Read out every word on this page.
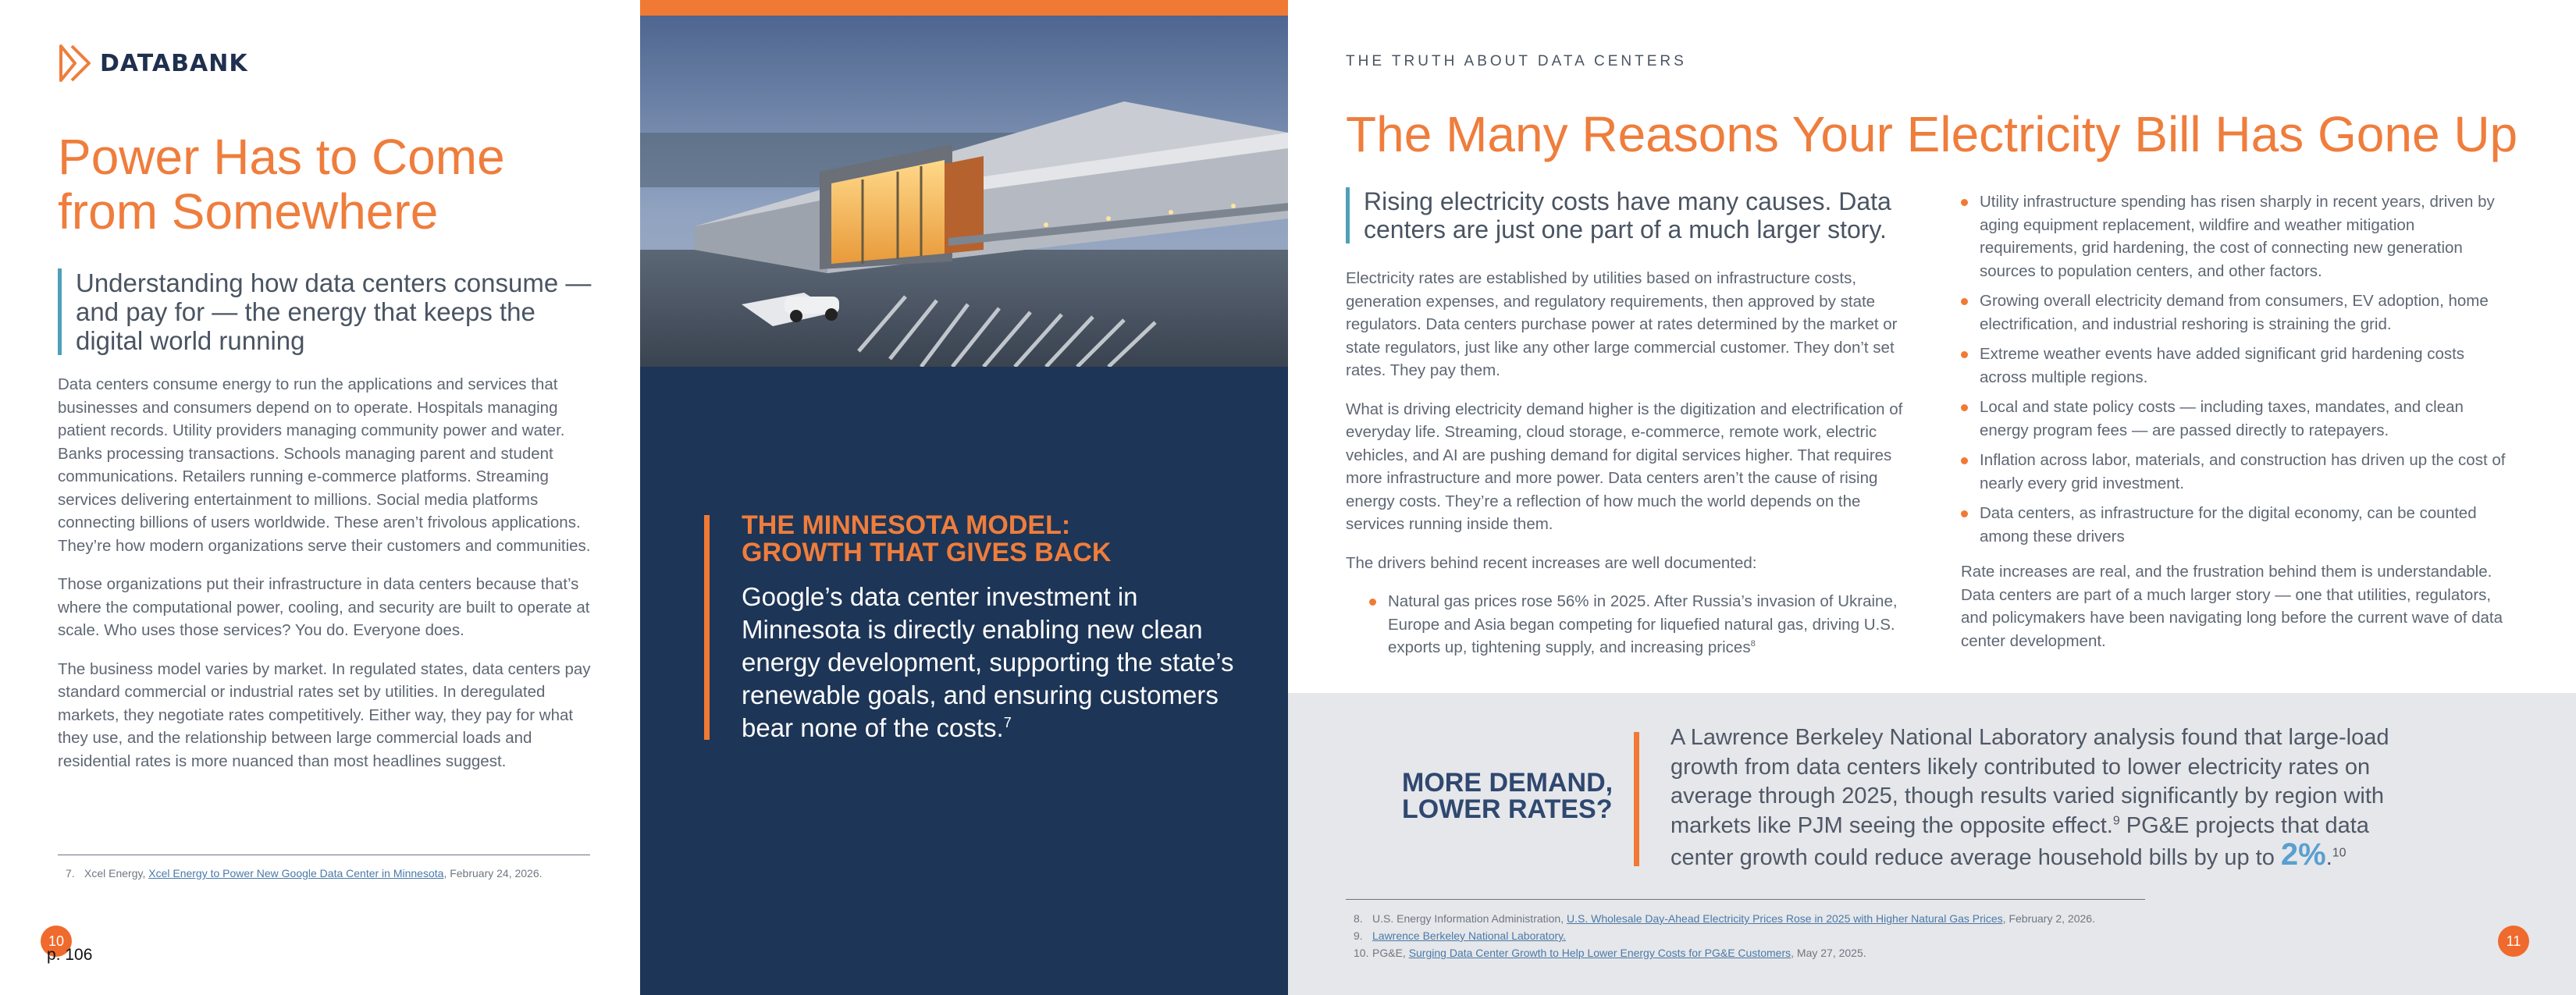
DATABANK
Power Has to Come from Somewhere
Understanding how data centers consume — and pay for — the energy that keeps the digital world running

Data centers consume energy to run the applications and services that businesses and consumers depend on to operate. Hospitals managing patient records. Utility providers managing community power and water. Banks processing transactions. Schools managing parent and student communications. Retailers running e-commerce platforms. Streaming services delivering entertainment to millions. Social media platforms connecting billions of users worldwide. These aren’t frivolous applications. They’re how modern organizations serve their customers and communities.

Those organizations put their infrastructure in data centers because that’s where the computational power, cooling, and security are built to operate at scale. Who uses those services? You do. Everyone does.

The business model varies by market. In regulated states, data centers pay standard commercial or industrial rates set by utilities. In deregulated markets, they negotiate rates competitively. Either way, they pay for what they use, and the relationship between large commercial loads and residential rates is more nuanced than most headlines suggest.

7. Xcel Energy, Xcel Energy to Power New Google Data Center in Minnesota, February 24, 2026.
10
p. 106
THE MINNESOTA MODEL:
GROWTH THAT GIVES BACK
Google’s data center investment in Minnesota is directly enabling new clean energy development, supporting the state’s renewable goals, and ensuring customers bear none of the costs.$^7$
THE TRUTH ABOUT DATA CENTERS
The Many Reasons Your Electricity Bill Has Gone Up
Rising electricity costs have many causes. Data centers are just one part of a much larger story.

Electricity rates are established by utilities based on infrastructure costs, generation expenses, and regulatory requirements, then approved by state regulators. Data centers purchase power at rates determined by the market or state regulators, just like any other large commercial customer. They don’t set rates. They pay them.

What is driving electricity demand higher is the digitization and electrification of everyday life. Streaming, cloud storage, e-commerce, remote work, electric vehicles, and AI are pushing demand for digital services higher. That requires more infrastructure and more power. Data centers aren’t the cause of rising energy costs. They’re a reflection of how much the world depends on the services running inside them.

The drivers behind recent increases are well documented:

Natural gas prices rose 56% in 2025. After Russia’s invasion of Ukraine, Europe and Asia began competing for liquefied natural gas, driving U.S. exports up, tightening supply, and increasing prices$^8$
Utility infrastructure spending has risen sharply in recent years, driven by aging equipment replacement, wildfire and weather mitigation requirements, grid hardening, the cost of connecting new generation sources to population centers, and other factors.
Growing overall electricity demand from consumers, EV adoption, home electrification, and industrial reshoring is straining the grid.
Extreme weather events have added significant grid hardening costs across multiple regions.
Local and state policy costs — including taxes, mandates, and clean energy program fees — are passed directly to ratepayers.
Inflation across labor, materials, and construction has driven up the cost of nearly every grid investment.
Data centers, as infrastructure for the digital economy, can be counted among these drivers

Rate increases are real, and the frustration behind them is understandable. Data centers are part of a much larger story — one that utilities, regulators, and policymakers have been navigating long before the current wave of data center development.

MORE DEMAND,
LOWER RATES?
A Lawrence Berkeley National Laboratory analysis found that large-load growth from data centers likely contributed to lower electricity rates on average through 2025, though results varied significantly by region with markets like PJM seeing the opposite effect.$^9$ PG&E projects that data center growth could reduce average household bills by up to 2%.$^{10}$
8. U.S. Energy Information Administration, U.S. Wholesale Day-Ahead Electricity Prices Rose in 2025 with Higher Natural Gas Prices, February 2, 2026.
9. Lawrence Berkeley National Laboratory.
10. PG&E, Surging Data Center Growth to Help Lower Energy Costs for PG&E Customers, May 27, 2025.
11
